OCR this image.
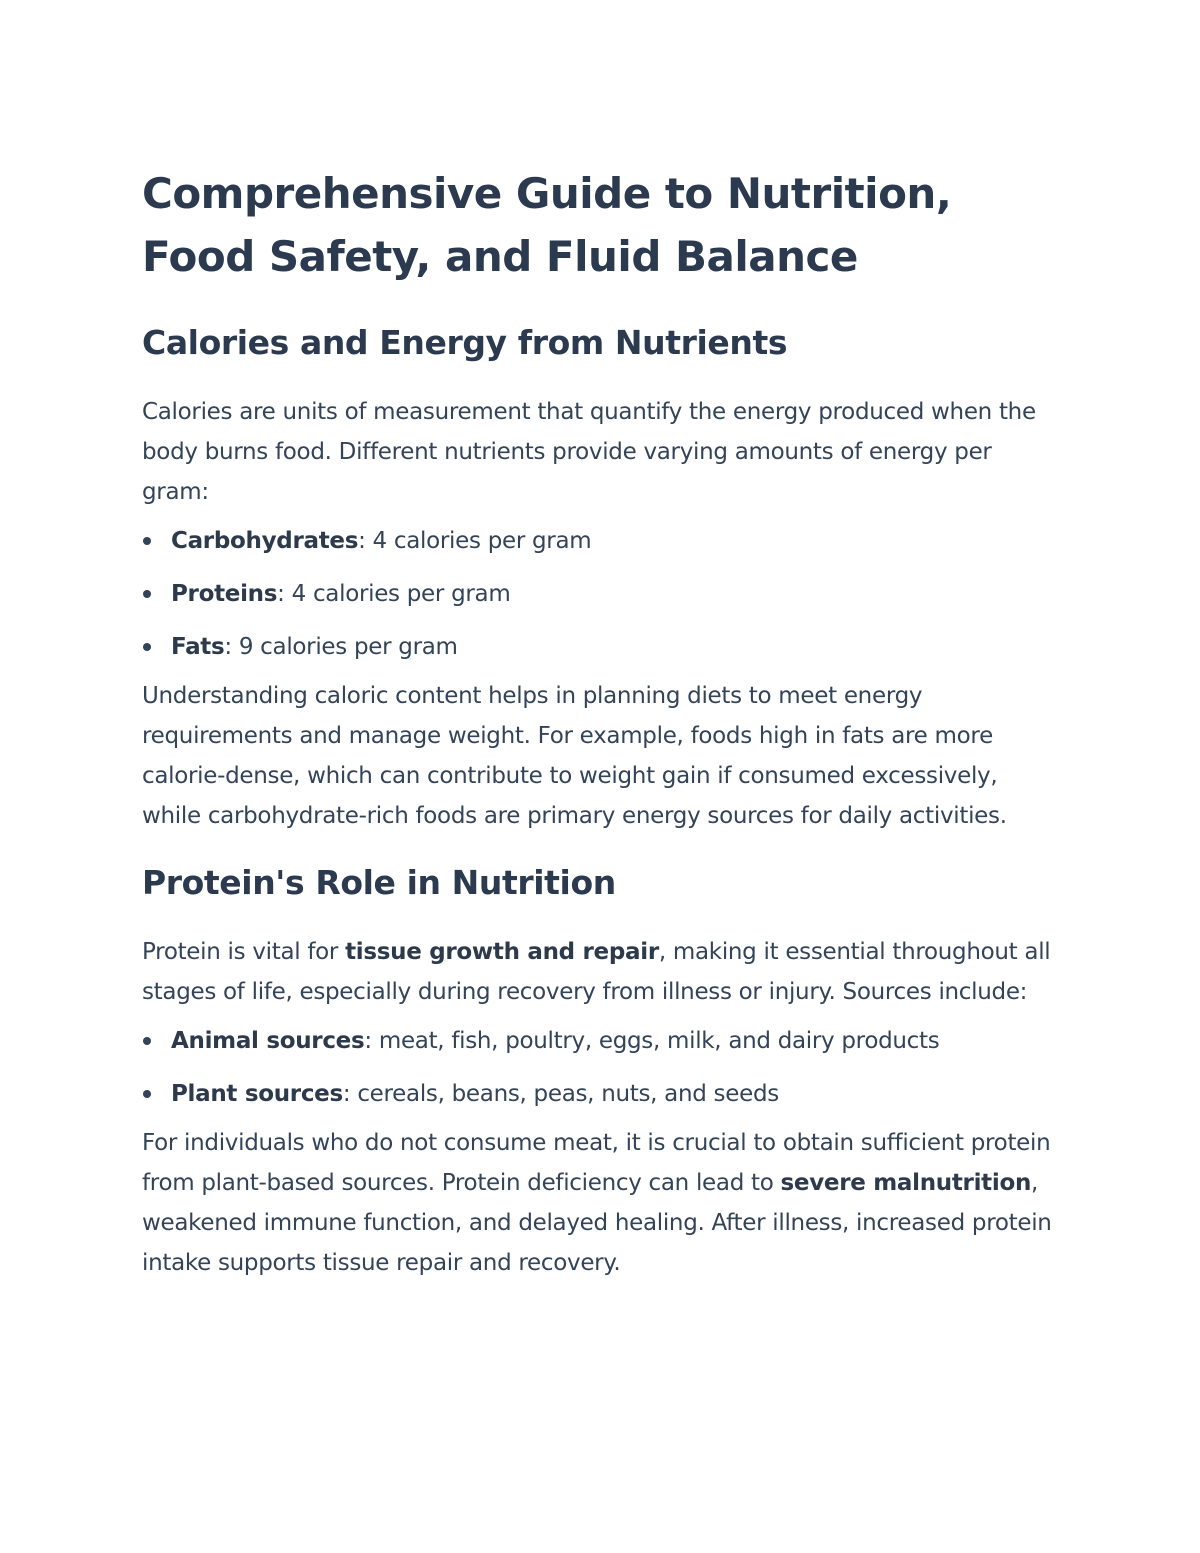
Comprehensive Guide to Nutrition,
Food Safety, and Fluid Balance
Calories and Energy from Nutrients

Calories are units of measurement that quantify the energy produced when the body burns food. Different nutrients provide varying amounts of energy per gram:

Carbohydrates: 4 calories per gram
Proteins: 4 calories per gram
Fats: 9 calories per gram

Understanding caloric content helps in planning diets to meet energy requirements and manage weight. For example, foods high in fats are more calorie-dense, which can contribute to weight gain if consumed excessively, while carbohydrate-rich foods are primary energy sources for daily activities.

Protein's Role in Nutrition

Protein is vital for tissue growth and repair, making it essential throughout all stages of life, especially during recovery from illness or injury. Sources include:

Animal sources: meat, fish, poultry, eggs, milk, and dairy products
Plant sources: cereals, beans, peas, nuts, and seeds

For individuals who do not consume meat, it is crucial to obtain sufficient protein from plant-based sources. Protein deficiency can lead to severe malnutrition, weakened immune function, and delayed healing. After illness, increased protein intake supports tissue repair and recovery.
